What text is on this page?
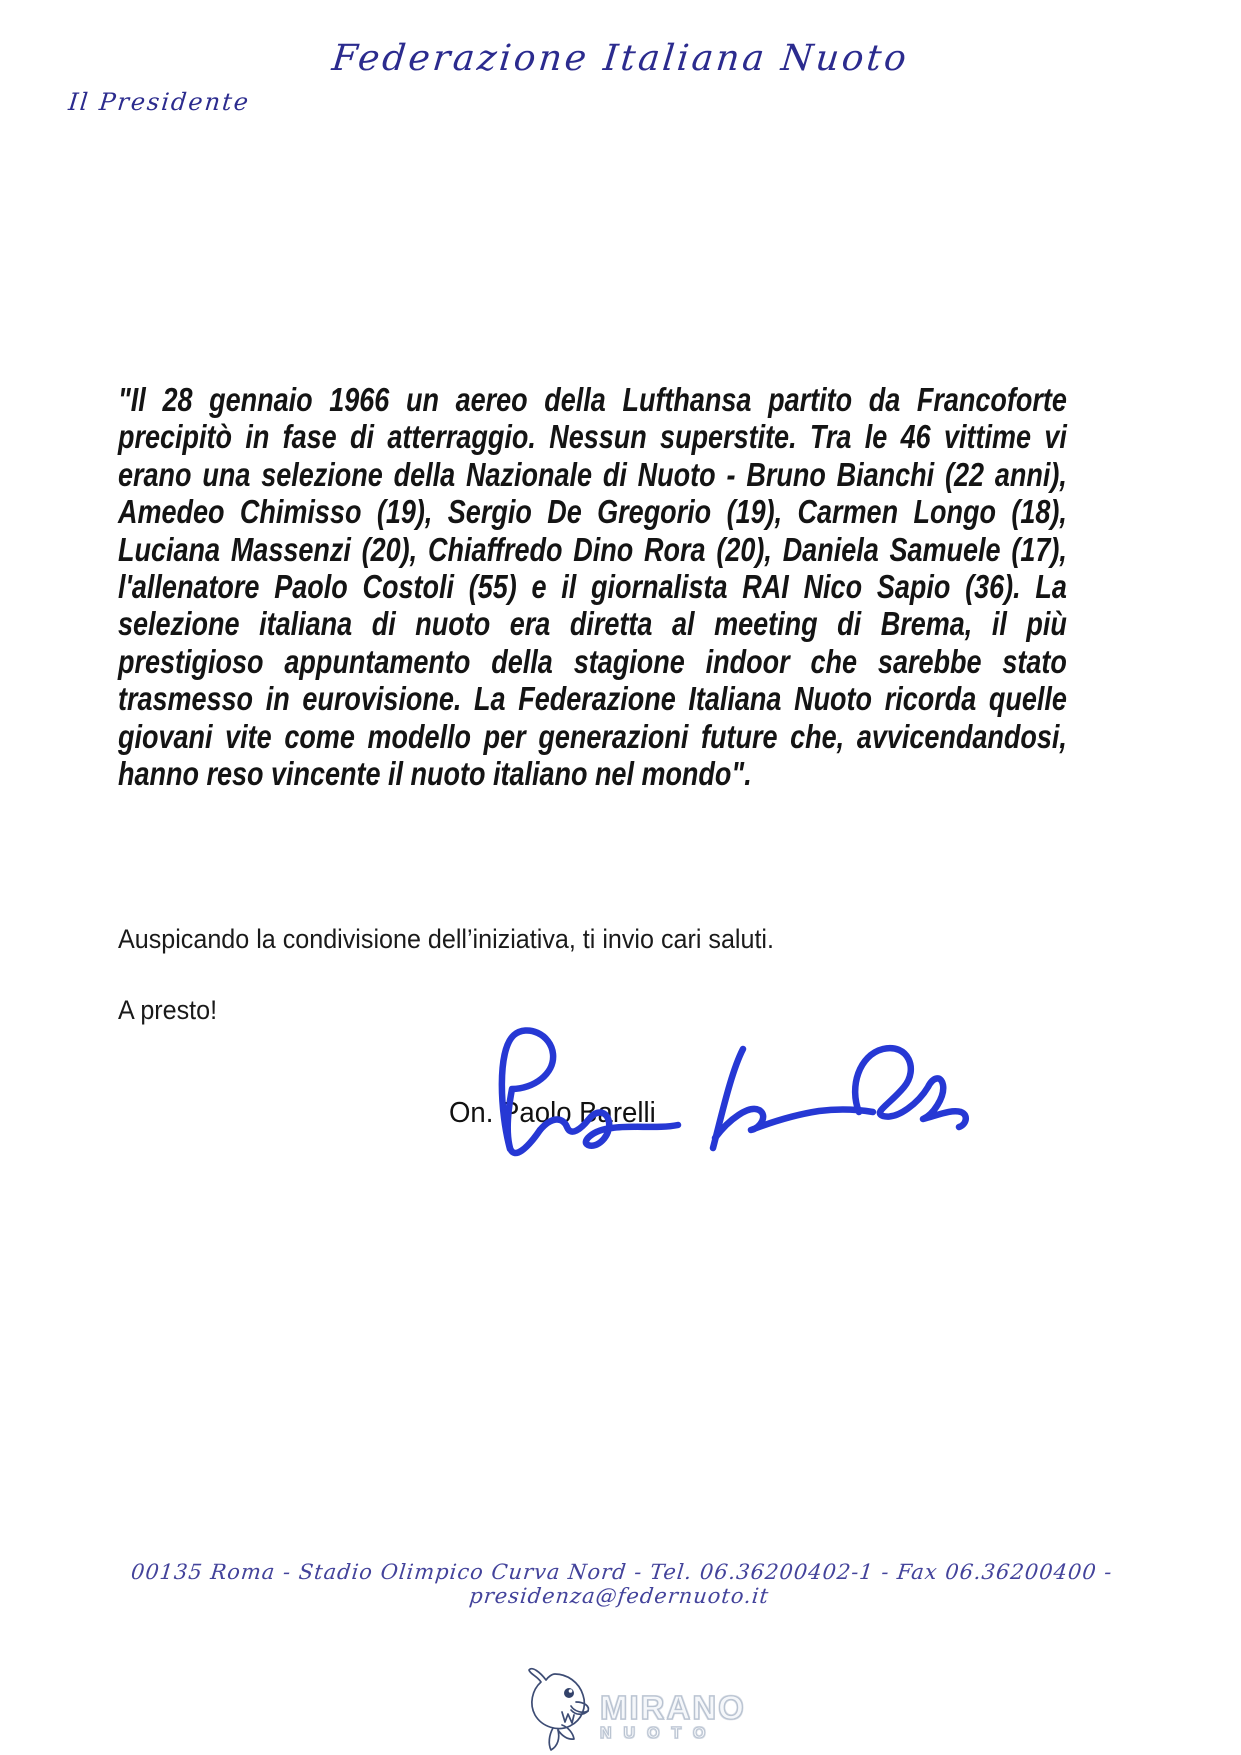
Federazione Italiana Nuoto
Il Presidente
"Il 28 gennaio 1966 un aereo della Lufthansa partito da Francoforte precipitò in fase di atterraggio. Nessun superstite. Tra le 46 vittime vi erano una selezione della Nazionale di Nuoto - Bruno Bianchi (22 anni), Amedeo Chimisso (19), Sergio De Gregorio (19), Carmen Longo (18), Luciana Massenzi (20), Chiaffredo Dino Rora (20), Daniela Samuele (17), l'allenatore Paolo Costoli (55) e il giornalista RAI Nico Sapio (36). La selezione italiana di nuoto era diretta al meeting di Brema, il più prestigioso appuntamento della stagione indoor che sarebbe stato trasmesso in eurovisione. La Federazione Italiana Nuoto ricorda quelle giovani vite come modello per generazioni future che, avvicendandosi, hanno reso vincente il nuoto italiano nel mondo".
Auspicando la condivisione dell’iniziativa, ti invio cari saluti.
A presto!
On. Paolo Barelli
00135 Roma - Stadio Olimpico Curva Nord - Tel. 06.36200402-1 - Fax 06.36200400 - presidenza@federnuoto.it
MIRANO
NUOTO
